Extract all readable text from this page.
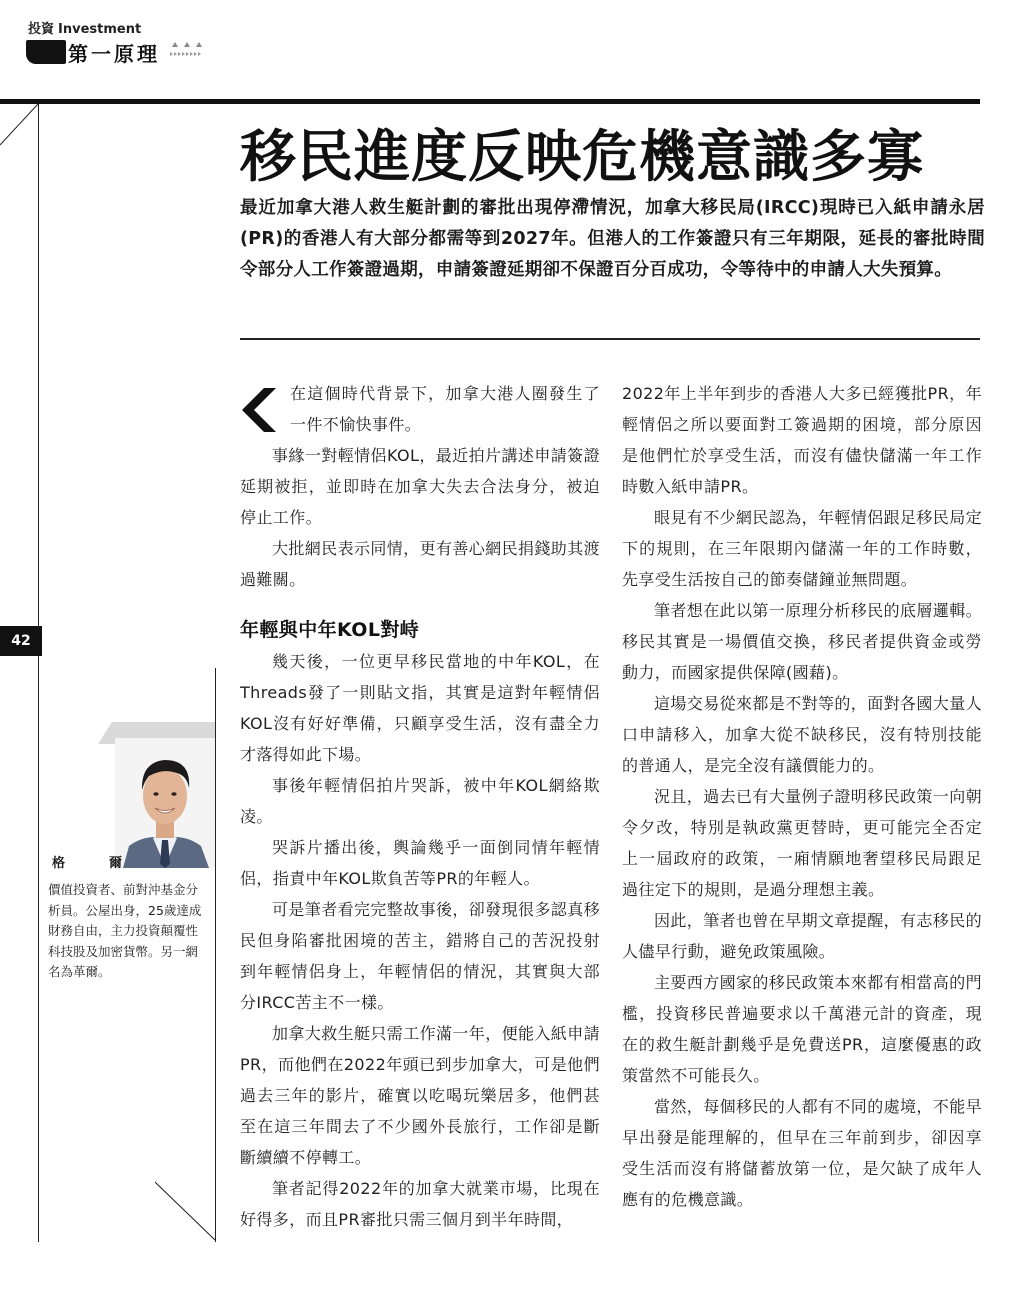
投資 Investment
第一原理
移民進度反映危機意識多寡
最近加拿大港人救生艇計劃的審批出現停滯情況，加拿大移民局(IRCC)現時已入紙申請永居(PR)的香港人有大部分都需等到2027年。但港人的工作簽證只有三年期限，延長的審批時間令部分人工作簽證過期，申請簽證延期卻不保證百分百成功，令等待中的申請人大失預算。

在這個時代背景下，加拿大港人圈發生了一件不愉快事件。

事緣一對輕情侶KOL，最近拍片講述申請簽證延期被拒，並即時在加拿大失去合法身分，被迫停止工作。

大批網民表示同情，更有善心網民捐錢助其渡過難關。

年輕與中年KOL對峙

幾天後，一位更早移民當地的中年KOL，在Threads發了一則貼文指，其實是這對年輕情侶KOL沒有好好準備，只顧享受生活，沒有盡全力才落得如此下場。

事後年輕情侶拍片哭訴，被中年KOL網絡欺凌。

哭訴片播出後，輿論幾乎一面倒同情年輕情侶，指責中年KOL欺負苦等PR的年輕人。

可是筆者看完完整故事後，卻發現很多認真移民但身陷審批困境的苦主，錯將自己的苦況投射到年輕情侶身上，年輕情侶的情況，其實與大部分IRCC苦主不一樣。

加拿大救生艇只需工作滿一年，便能入紙申請PR，而他們在2022年頭已到步加拿大，可是他們過去三年的影片，確實以吃喝玩樂居多，他們甚至在這三年間去了不少國外長旅行，工作卻是斷斷續續不停轉工。

筆者記得2022年的加拿大就業市場，比現在好得多，而且PR審批只需三個月到半年時間，

2022年上半年到步的香港人大多已經獲批PR，年輕情侶之所以要面對工簽過期的困境，部分原因是他們忙於享受生活，而沒有儘快儲滿一年工作時數入紙申請PR。

眼見有不少網民認為，年輕情侶跟足移民局定下的規則，在三年限期內儲滿一年的工作時數，先享受生活按自己的節奏儲鐘並無問題。

筆者想在此以第一原理分析移民的底層邏輯。移民其實是一場價值交換，移民者提供資金或勞動力，而國家提供保障(國藉)。

這場交易從來都是不對等的，面對各國大量人口申請移入，加拿大從不缺移民，沒有特別技能的普通人，是完全沒有議價能力的。

況且，過去已有大量例子證明移民政策一向朝令夕改，特別是執政黨更替時，更可能完全否定上一屆政府的政策，一廂情願地奢望移民局跟足過往定下的規則，是過分理想主義。

因此，筆者也曾在早期文章提醒，有志移民的人儘早行動，避免政策風險。

主要西方國家的移民政策本來都有相當高的門檻，投資移民普遍要求以千萬港元計的資產，現在的救生艇計劃幾乎是免費送PR，這麼優惠的政策當然不可能長久。

當然，每個移民的人都有不同的處境，不能早早出發是能理解的，但早在三年前到步，卻因享受生活而沒有將儲蓄放第一位，是欠缺了成年人應有的危機意識。

42
格	爾
價值投資者、前對沖基金分析員。公屋出身，25歲達成財務自由，主力投資顛覆性科技股及加密貨幣。另一網名為革爾。
